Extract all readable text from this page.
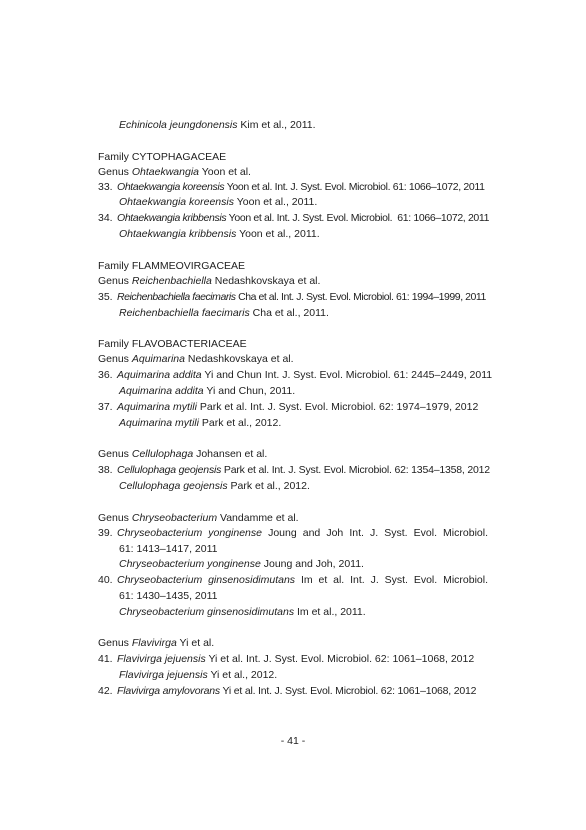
Echinicola jeungdonensis Kim et al., 2011.
Family CYTOPHAGACEAE
Genus Ohtaekwangia Yoon et al.
33. Ohtaekwangia koreensis Yoon et al. Int. J. Syst. Evol. Microbiol. 61: 1066–1072, 2011
Ohtaekwangia koreensis Yoon et al., 2011.
34. Ohtaekwangia kribbensis Yoon et al. Int. J. Syst. Evol. Microbiol.  61: 1066–1072, 2011
Ohtaekwangia kribbensis Yoon et al., 2011.
Family FLAMMEOVIRGACEAE
Genus Reichenbachiella Nedashkovskaya et al.
35. Reichenbachiella faecimaris Cha et al. Int. J. Syst. Evol. Microbiol. 61: 1994–1999, 2011
Reichenbachiella faecimaris Cha et al., 2011.
Family FLAVOBACTERIACEAE
Genus Aquimarina Nedashkovskaya et al.
36. Aquimarina addita Yi and Chun Int. J. Syst. Evol. Microbiol. 61: 2445–2449, 2011
Aquimarina addita Yi and Chun, 2011.
37. Aquimarina mytili Park et al. Int. J. Syst. Evol. Microbiol. 62: 1974–1979, 2012
Aquimarina mytili Park et al., 2012.
Genus Cellulophaga Johansen et al.
38. Cellulophaga geojensis Park et al. Int. J. Syst. Evol. Microbiol. 62: 1354–1358, 2012
Cellulophaga geojensis Park et al., 2012.
Genus Chryseobacterium Vandamme et al.
39. Chryseobacterium yonginense Joung and Joh Int. J. Syst. Evol. Microbiol.
61: 1413–1417, 2011
Chryseobacterium yonginense Joung and Joh, 2011.
40. Chryseobacterium ginsenosidimutans Im et al. Int. J. Syst. Evol. Microbiol.
61: 1430–1435, 2011
Chryseobacterium ginsenosidimutans Im et al., 2011.
Genus Flavivirga Yi et al.
41. Flavivirga jejuensis Yi et al. Int. J. Syst. Evol. Microbiol. 62: 1061–1068, 2012
Flavivirga jejuensis Yi et al., 2012.
42. Flavivirga amylovorans Yi et al. Int. J. Syst. Evol. Microbiol. 62: 1061–1068, 2012
- 41 -
